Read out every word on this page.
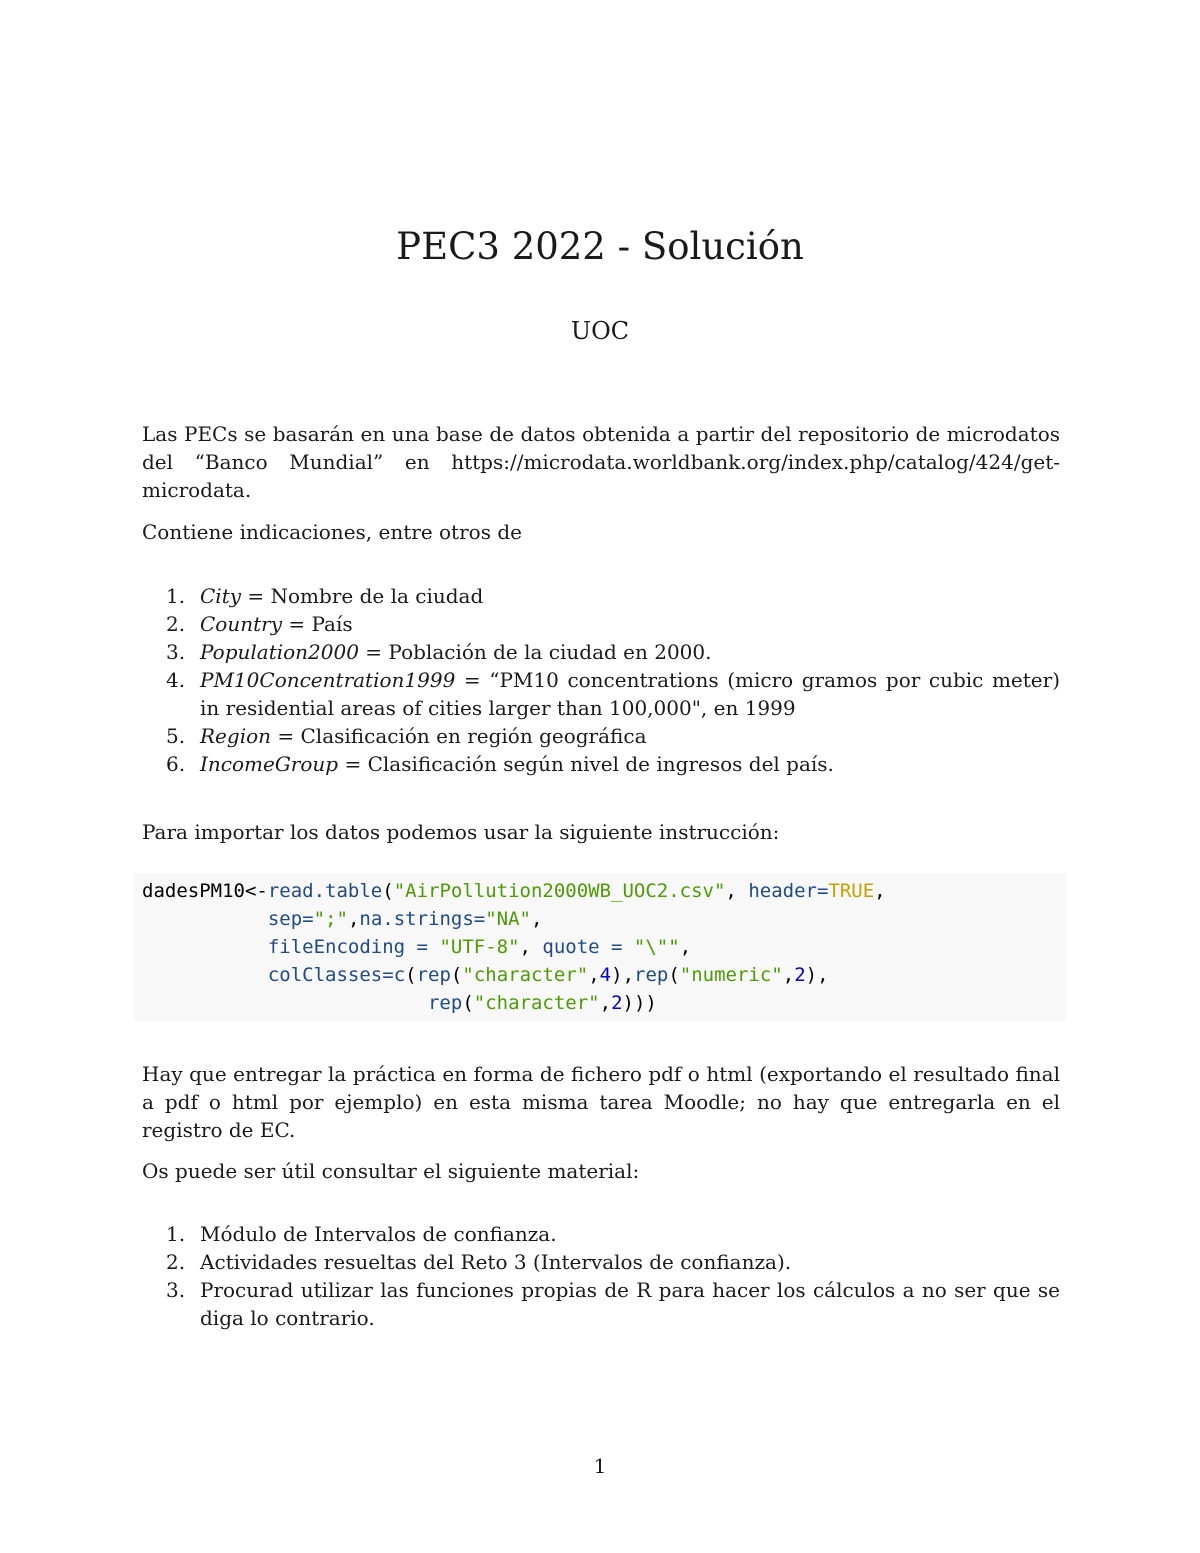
PEC3 2022 - Solución
UOC

Las PECs se basarán en una base de datos obtenida a partir del repositorio de microdatos del “Banco Mundial” en https://microdata.worldbank.org/index.php/catalog/424/get-microdata.

Contiene indicaciones, entre otros de

1. City = Nombre de la ciudad
2. Country = País
3. Population2000 = Población de la ciudad en 2000.
4. PM10Concentration1999 = “PM10 concentrations (micro gramos por cubic meter) in residential areas of cities larger than 100,000", en 1999
5. Region = Clasificación en región geográfica
6. IncomeGroup = Clasificación según nivel de ingresos del país.

Para importar los datos podemos usar la siguiente instrucción:

dadesPM10<-read.table("AirPollution2000WB_UOC2.csv", header=TRUE,
sep=";",na.strings="NA",
fileEncoding = "UTF-8", quote = "\"",
colClasses=c(rep("character",4),rep("numeric",2),
rep("character",2)))

Hay que entregar la práctica en forma de fichero pdf o html (exportando el resultado final a pdf o html por ejemplo) en esta misma tarea Moodle; no hay que entregarla en el registro de EC.

Os puede ser útil consultar el siguiente material:

1. Módulo de Intervalos de confianza.
2. Actividades resueltas del Reto 3 (Intervalos de confianza).
3. Procurad utilizar las funciones propias de R para hacer los cálculos a no ser que se diga lo contrario.
1
